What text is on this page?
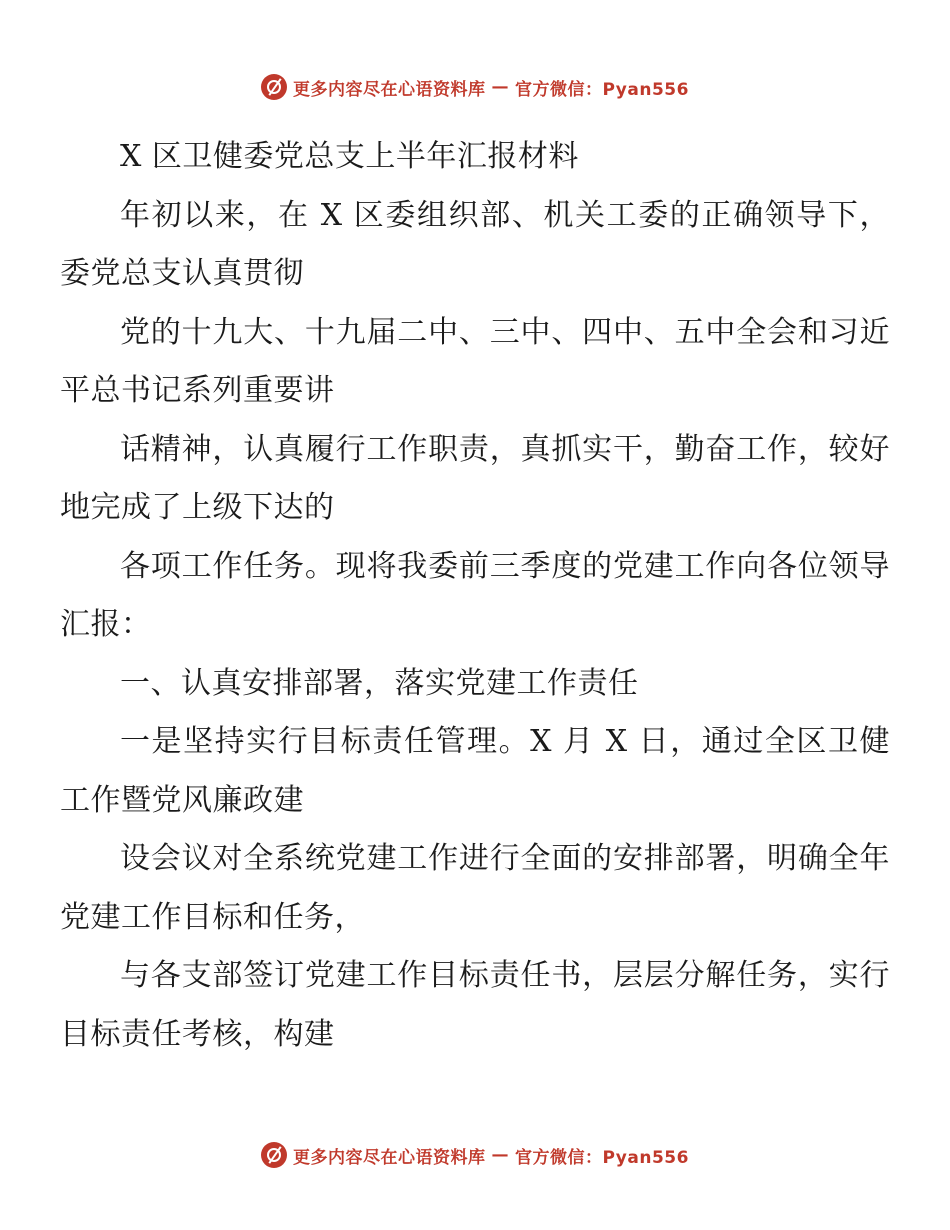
更多内容尽在心语资料库 — 官方微信：Pyan556

X 区卫健委党总支上半年汇报材料

年初以来，在 X 区委组织部、机关工委的正确领导下，委党总支认真贯彻

党的十九大、十九届二中、三中、四中、五中全会和习近平总书记系列重要讲

话精神，认真履行工作职责，真抓实干，勤奋工作，较好地完成了上级下达的

各项工作任务。现将我委前三季度的党建工作向各位领导汇报：

一、认真安排部署，落实党建工作责任

一是坚持实行目标责任管理。X 月 X 日，通过全区卫健工作暨党风廉政建

设会议对全系统党建工作进行全面的安排部署，明确全年党建工作目标和任务，

与各支部签订党建工作目标责任书，层层分解任务，实行目标责任考核，构建

更多内容尽在心语资料库 — 官方微信：Pyan556
